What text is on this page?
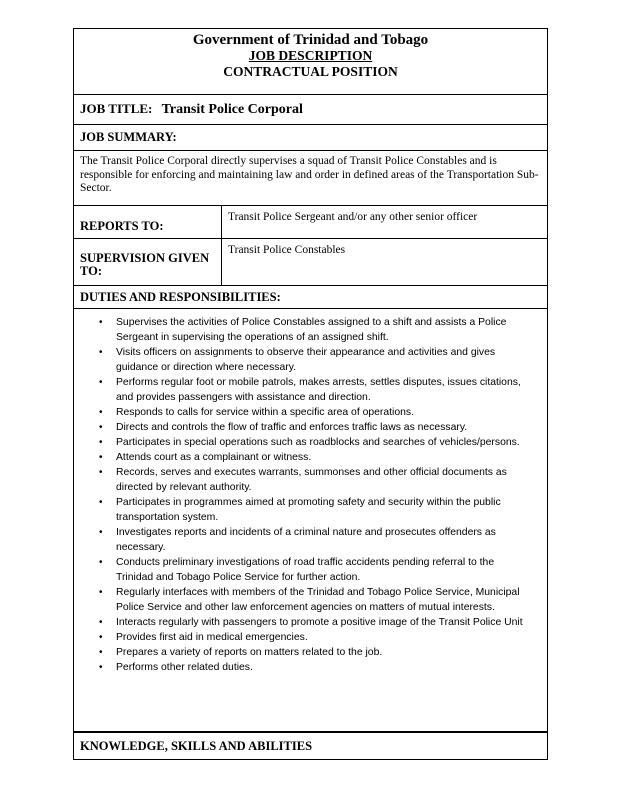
Government of Trinidad and Tobago
JOB DESCRIPTION
CONTRACTUAL POSITION
JOB TITLE: Transit Police Corporal
JOB SUMMARY:
The Transit Police Corporal directly supervises a squad of Transit Police Constables and is responsible for enforcing and maintaining law and order in defined areas of the Transportation Sub-Sector.
REPORTS TO:
Transit Police Sergeant and/or any other senior officer
SUPERVISION GIVEN TO:
Transit Police Constables
DUTIES AND RESPONSIBILITIES:
• Supervises the activities of Police Constables assigned to a shift and assists a Police Sergeant in supervising the operations of an assigned shift.
• Visits officers on assignments to observe their appearance and activities and gives guidance or direction where necessary.
• Performs regular foot or mobile patrols, makes arrests, settles disputes, issues citations, and provides passengers with assistance and direction.
• Responds to calls for service within a specific area of operations.
• Directs and controls the flow of traffic and enforces traffic laws as necessary.
• Participates in special operations such as roadblocks and searches of vehicles/persons.
• Attends court as a complainant or witness.
• Records, serves and executes warrants, summonses and other official documents as directed by relevant authority.
• Participates in programmes aimed at promoting safety and security within the public transportation system.
• Investigates reports and incidents of a criminal nature and prosecutes offenders as necessary.
• Conducts preliminary investigations of road traffic accidents pending referral to the Trinidad and Tobago Police Service for further action.
• Regularly interfaces with members of the Trinidad and Tobago Police Service, Municipal Police Service and other law enforcement agencies on matters of mutual interests.
• Interacts regularly with passengers to promote a positive image of the Transit Police Unit
• Provides first aid in medical emergencies.
• Prepares a variety of reports on matters related to the job.
• Performs other related duties.
KNOWLEDGE, SKILLS AND ABILITIES
